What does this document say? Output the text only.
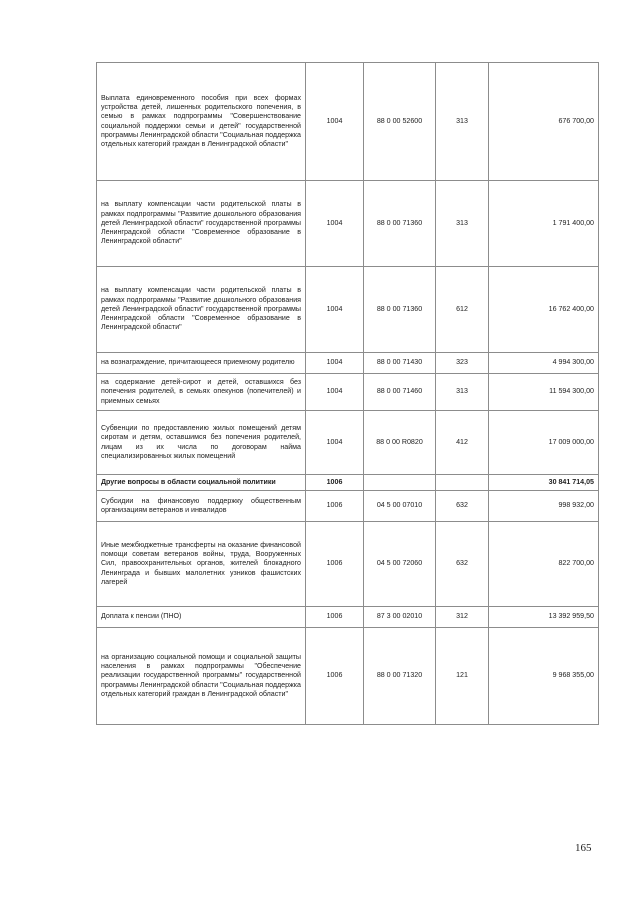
Выплата единовременного пособия при всех формах устройства детей, лишенных родительского попечения, в семью в рамках подпрограммы "Совершенствование социальной поддержки семьи и детей" государственной программы Ленинградской области "Социальная поддержка отдельных категорий граждан в Ленинградской области"	1004	88 0 00 52600	313	676 700,00
на выплату компенсации части родительской платы в рамках подпрограммы "Развитие дошкольного образования детей Ленинградской области" государственной программы Ленинградской области "Современное образование в Ленинградской области"	1004	88 0 00 71360	313	1 791 400,00
на выплату компенсации части родительской платы в рамках подпрограммы "Развитие дошкольного образования детей Ленинградской области" государственной программы Ленинградской области "Современное образование в Ленинградской области"	1004	88 0 00 71360	612	16 762 400,00
на вознаграждение, причитающееся приемному родителю	1004	88 0 00 71430	323	4 994 300,00
на содержание детей-сирот и детей, оставшихся без попечения родителей, в семьях опекунов (попечителей) и приемных семьях	1004	88 0 00 71460	313	11 594 300,00
Субвенции по предоставлению жилых помещений детям сиротам и детям, оставшимся без попечения родителей, лицам из их числа по договорам найма специализированных жилых помещений	1004	88 0 00 R0820	412	17 009 000,00
Другие вопросы в области социальной политики	1006			30 841 714,05
Субсидии на финансовую поддержку общественным организациям ветеранов и инвалидов	1006	04 5 00 07010	632	998 932,00
Иные межбюджетные трансферты на оказание финансовой помощи советам ветеранов войны, труда, Вооруженных Сил, правоохранительных органов, жителей блокадного Ленинграда и бывших малолетних узников фашистских лагерей	1006	04 5 00 72060	632	822 700,00
Доплата к пенсии (ПНО)	1006	87 3 00 02010	312	13 392 959,50
на организацию социальной помощи и социальной защиты населения в рамках подпрограммы "Обеспечение реализации государственной программы" государственной программы Ленинградской области "Социальная поддержка отдельных категорий граждан в Ленинградской области"	1006	88 0 00 71320	121	9 968 355,00
165
